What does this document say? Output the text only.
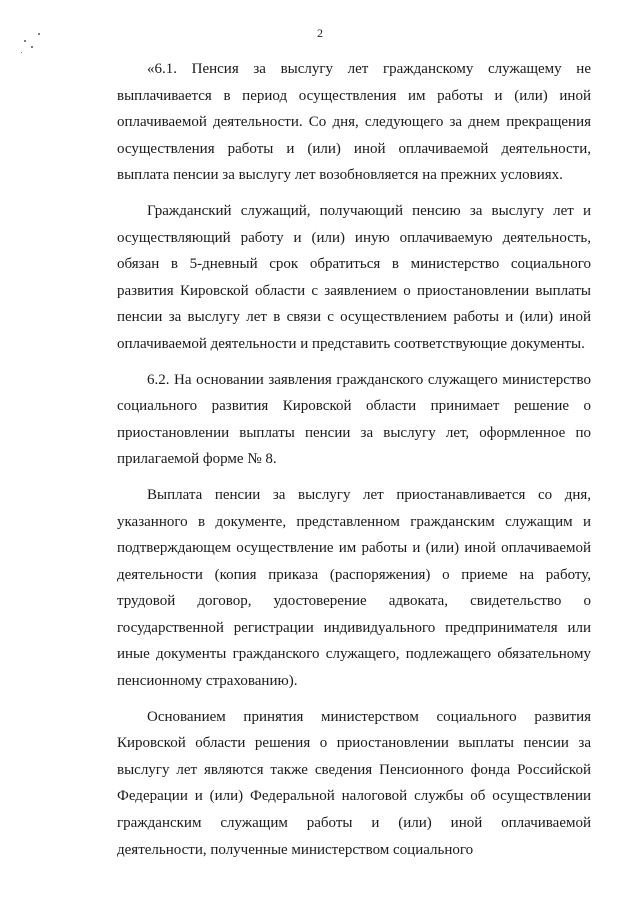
2

«6.1. Пенсия за выслугу лет гражданскому служащему не выплачивается в период осуществления им работы и (или) иной оплачиваемой деятельности. Со дня, следующего за днем прекращения осуществления работы и (или) иной оплачиваемой деятельности, выплата пенсии за выслугу лет возобновляется на прежних условиях.

Гражданский служащий, получающий пенсию за выслугу лет и осуществляющий работу и (или) иную оплачиваемую деятельность, обязан в 5-дневный срок обратиться в министерство социального развития Кировской области с заявлением о приостановлении выплаты пенсии за выслугу лет в связи с осуществлением работы и (или) иной оплачиваемой деятельности и представить соответствующие документы.

6.2. На основании заявления гражданского служащего министерство социального развития Кировской области принимает решение о приостановлении выплаты пенсии за выслугу лет, оформленное по прилагаемой форме № 8.

Выплата пенсии за выслугу лет приостанавливается со дня, указанного в документе, представленном гражданским служащим и подтверждающем осуществление им работы и (или) иной оплачиваемой деятельности (копия приказа (распоряжения) о приеме на работу, трудовой договор, удостоверение адвоката, свидетельство о государственной регистрации индивидуального предпринимателя или иные документы гражданского служащего, подлежащего обязательному пенсионному страхованию).

Основанием принятия министерством социального развития Кировской области решения о приостановлении выплаты пенсии за выслугу лет являются также сведения Пенсионного фонда Российской Федерации и (или) Федеральной налоговой службы об осуществлении гражданским служащим работы и (или) иной оплачиваемой деятельности, полученные министерством социального
